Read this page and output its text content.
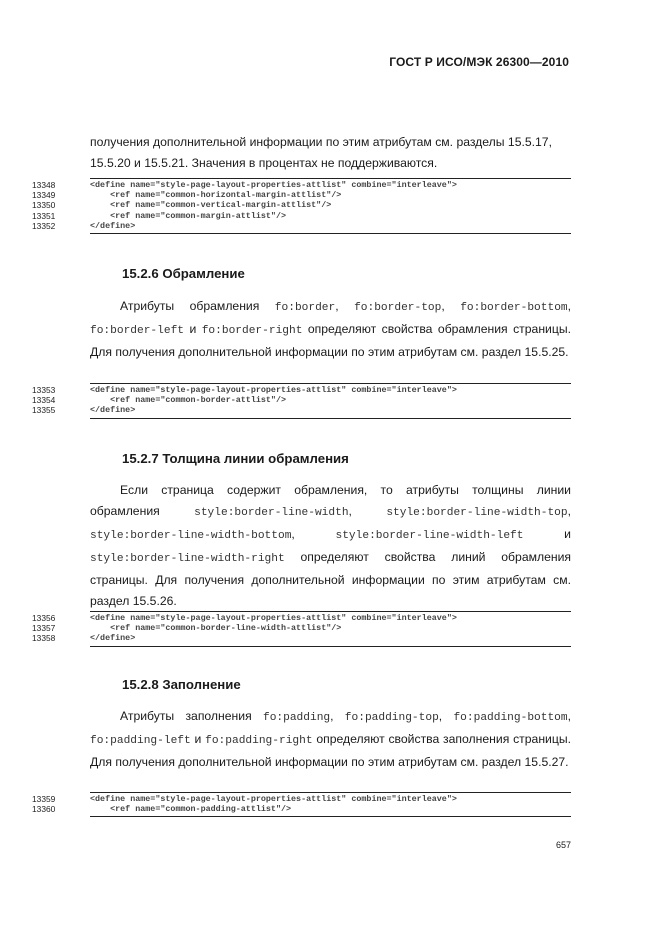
ГОСТ Р ИСО/МЭК 26300—2010
получения дополнительной информации по этим атрибутам см. разделы 15.5.17,
15.5.20 и 15.5.21. Значения в процентах не поддерживаются.
13348	<define name="style-page-layout-properties-attlist" combine="interleave">
13349	<ref name="common-horizontal-margin-attlist"/>
13350	<ref name="common-vertical-margin-attlist"/>
13351	<ref name="common-margin-attlist"/>
13352	</define>
15.2.6 Обрамление
Атрибуты обрамления fo:border, fo:border-top, fo:border-bottom, fo:border-left и fo:border-right определяют свойства обрамления страницы. Для получения дополнительной информации по этим атрибутам см. раздел 15.5.25.
13353	<define name="style-page-layout-properties-attlist" combine="interleave">
13354	<ref name="common-border-attlist"/>
13355	</define>
15.2.7 Толщина линии обрамления
Если страница содержит обрамления, то атрибуты толщины линии обрамления style:border-line-width, style:border-line-width-top, style:border-line-width-bottom, style:border-line-width-left и style:border-line-width-right определяют свойства линий обрамления страницы. Для получения дополнительной информации по этим атрибутам см. раздел 15.5.26.
13356	<define name="style-page-layout-properties-attlist" combine="interleave">
13357	<ref name="common-border-line-width-attlist"/>
13358	</define>
15.2.8 Заполнение
Атрибуты заполнения fo:padding, fo:padding-top, fo:padding-bottom, fo:padding-left и fo:padding-right определяют свойства заполнения страницы. Для получения дополнительной информации по этим атрибутам см. раздел 15.5.27.
13359	<define name="style-page-layout-properties-attlist" combine="interleave">
13360	<ref name="common-padding-attlist"/>
657
